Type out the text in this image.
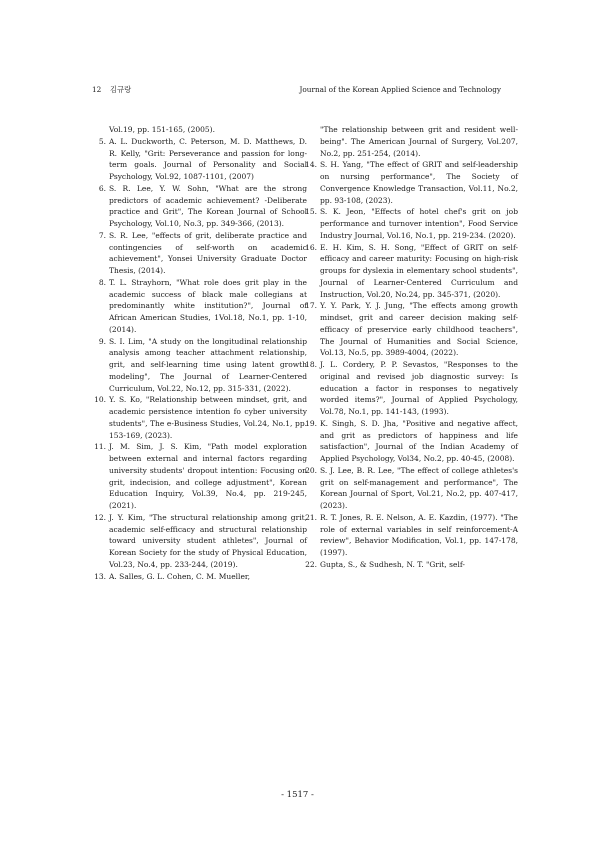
12 김규랑	Journal of the Korean Applied Science and Technology
Vol.19, pp. 151-165, (2005).
5. A. L. Duckworth, C. Peterson, M. D. Matthews, D. R. Kelly, "Grit: Perseverance and passion for long-term goals. Journal of Personality and Social Psychology, Vol.92, 1087-1101, (2007)
6. S. R. Lee, Y. W. Sohn, "What are the strong predictors of academic achievement? -Deliberate practice and Grit", The Korean Journal of School Psychology, Vol.10, No.3, pp. 349-366, (2013).
7. S. R. Lee, "effects of grit, deliberate practice and contingencies of self-worth on academic achievement", Yonsei University Graduate Doctor Thesis, (2014).
8. T. L. Strayhorn, "What role does grit play in the academic success of black male collegians at predominantly white institution?", Journal of African American Studies, 1Vol.18, No.1, pp. 1-10, (2014).
9. S. I. Lim, "A study on the longitudinal relationship analysis among teacher attachment relationship, grit, and self-learning time using latent growth modeling", The Journal of Learner-Centered Curriculum, Vol.22, No.12, pp. 315-331, (2022).
10. Y. S. Ko, "Relationship between mindset, grit, and academic persistence intention fo cyber university students", The e-Business Studies, Vol.24, No.1, pp. 153-169, (2023).
11. J. M. Sim, J. S. Kim, "Path model exploration between external and internal factors regarding university students' dropout intention: Focusing on grit, indecision, and college adjustment", Korean Education Inquiry, Vol.39, No.4, pp. 219-245, (2021).
12. J. Y. Kim, "The structural relationship among grit, academic self-efficacy and structural relationship toward university student athletes", Journal of Korean Society for the study of Physical Education, Vol.23, No.4, pp. 233-244, (2019).
13. A. Salles, G. L. Cohen, C. M. Mueller,
"The relationship between grit and resident well-being". The American Journal of Surgery, Vol.207, No.2, pp. 251-254, (2014).
14. S. H. Yang, "The effect of GRIT and self-leadership on nursing performance", The Society of Convergence Knowledge Transaction, Vol.11, No.2, pp. 93-108, (2023).
15. S. K. Jeon, "Effects of hotel chef's grit on job performance and turnover intention", Food Service Industry Journal, Vol.16, No.1, pp. 219-234. (2020).
16. E. H. Kim, S. H. Song, "Effect of GRIT on self-efficacy and career maturity: Focusing on high-risk groups for dyslexia in elementary school students", Journal of Learner-Centered Curriculum and Instruction, Vol.20, No.24, pp. 345-371, (2020).
17. Y. Y. Park, Y. J. Jung, "The effects among growth mindset, grit and career decision making self-efficacy of preservice early childhood teachers", The Journal of Humanities and Social Science, Vol.13, No.5, pp. 3989-4004, (2022).
18. J. L. Cordery, P. P. Sevastos, "Responses to the original and revised job diagnostic survey: Is education a factor in responses to negatively worded items?", Journal of Applied Psychology, Vol.78, No.1, pp. 141-143, (1993).
19. K. Singh, S. D. Jha, "Positive and negative affect, and grit as predictors of happiness and life satisfaction", Journal of the Indian Academy of Applied Psychology, Vol34, No.2, pp. 40-45, (2008).
20. S. J. Lee, B. R. Lee, "The effect of college athletes's grit on self-management and performance", The Korean Journal of Sport, Vol.21, No.2, pp. 407-417, (2023).
21. R. T. Jones, R. E. Nelson, A. E. Kazdin, (1977). "The role of external variables in self reinforcement-A review", Behavior Modification, Vol.1, pp. 147-178, (1997).
22. Gupta, S., & Sudhesh, N. T. "Grit, self-
- 1517 -
